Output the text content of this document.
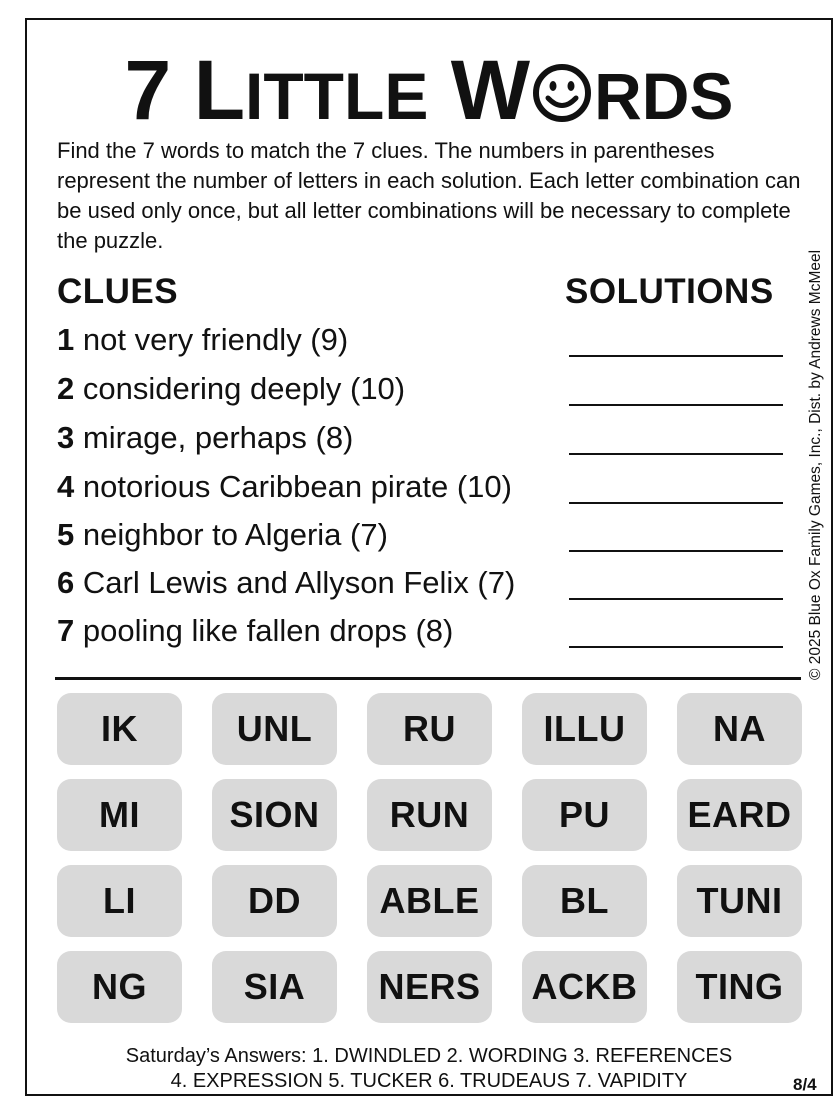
7 LITTLE W RDS
Find the 7 words to match the 7 clues. The numbers in parentheses represent the number of letters in each solution. Each letter combination can be used only once, but all letter combinations will be necessary to complete the puzzle.
CLUES	SOLUTIONS
1 not very friendly (9)
2 considering deeply (10)
3 mirage, perhaps (8)
4 notorious Caribbean pirate (10)
5 neighbor to Algeria (7)
6 Carl Lewis and Allyson Felix (7)
7 pooling like fallen drops (8)
IK	UNL	RU	ILLU	NA
MI	SION	RUN	PU	EARD
LI	DD	ABLE	BL	TUNI
NG	SIA	NERS	ACKB	TING
© 2025 Blue Ox Family Games, Inc., Dist. by Andrews McMeel
Saturday’s Answers: 1. DWINDLED 2. WORDING 3. REFERENCES
4. EXPRESSION 5. TUCKER 6. TRUDEAUS 7. VAPIDITY	8/4
